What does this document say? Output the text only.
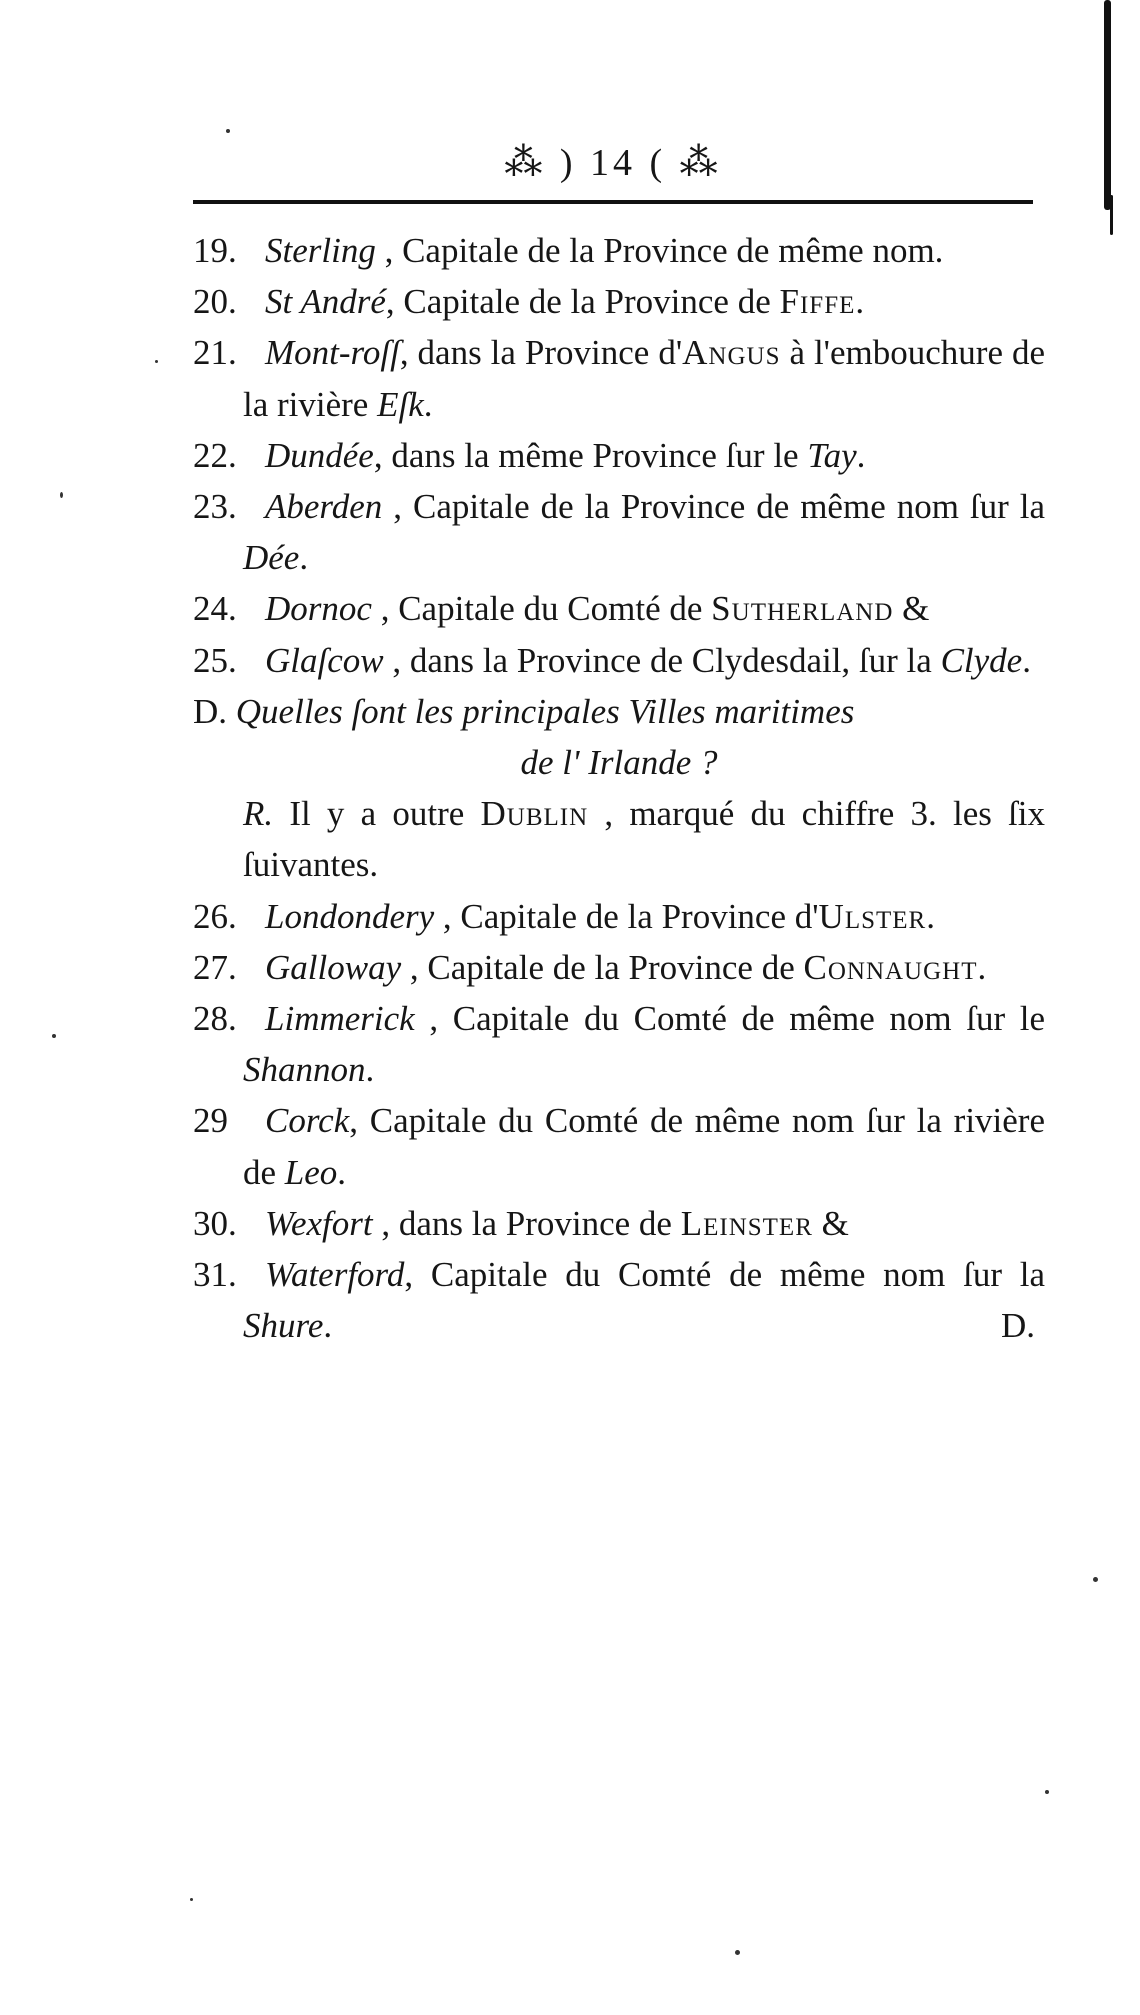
⁂ ) 14 ( ⁂

19. Sterling , Capitale de la Province de même nom.

20. St André, Capitale de la Province de Fiffe.

21. Mont-roſſ, dans la Province d'Angus à l'embouchure de la rivière Eſk.

22. Dundée, dans la même Province ſur le Tay.

23. Aberden , Capitale de la Province de même nom ſur la Dée.

24. Dornoc , Capitale du Comté de Sutherland &

25. Glaſcow , dans la Province de Clydesdail, ſur la Clyde.

D. Quelles ſont les principales Villes maritimes
de l' Irlande ?
R. Il y a outre Dublin , marqué du chiffre 3. les ſix ſuivantes.

26. Londondery , Capitale de la Province d'Ulster.

27. Galloway , Capitale de la Province de Connaught.

28. Limmerick , Capitale du Comté de même nom ſur le Shannon.

29 Corck, Capitale du Comté de même nom ſur la rivière de Leo.

30. Wexfort , dans la Province de Leinster &

31. Waterford, Capitale du Comté de même nom ſur la Shure.	D.
